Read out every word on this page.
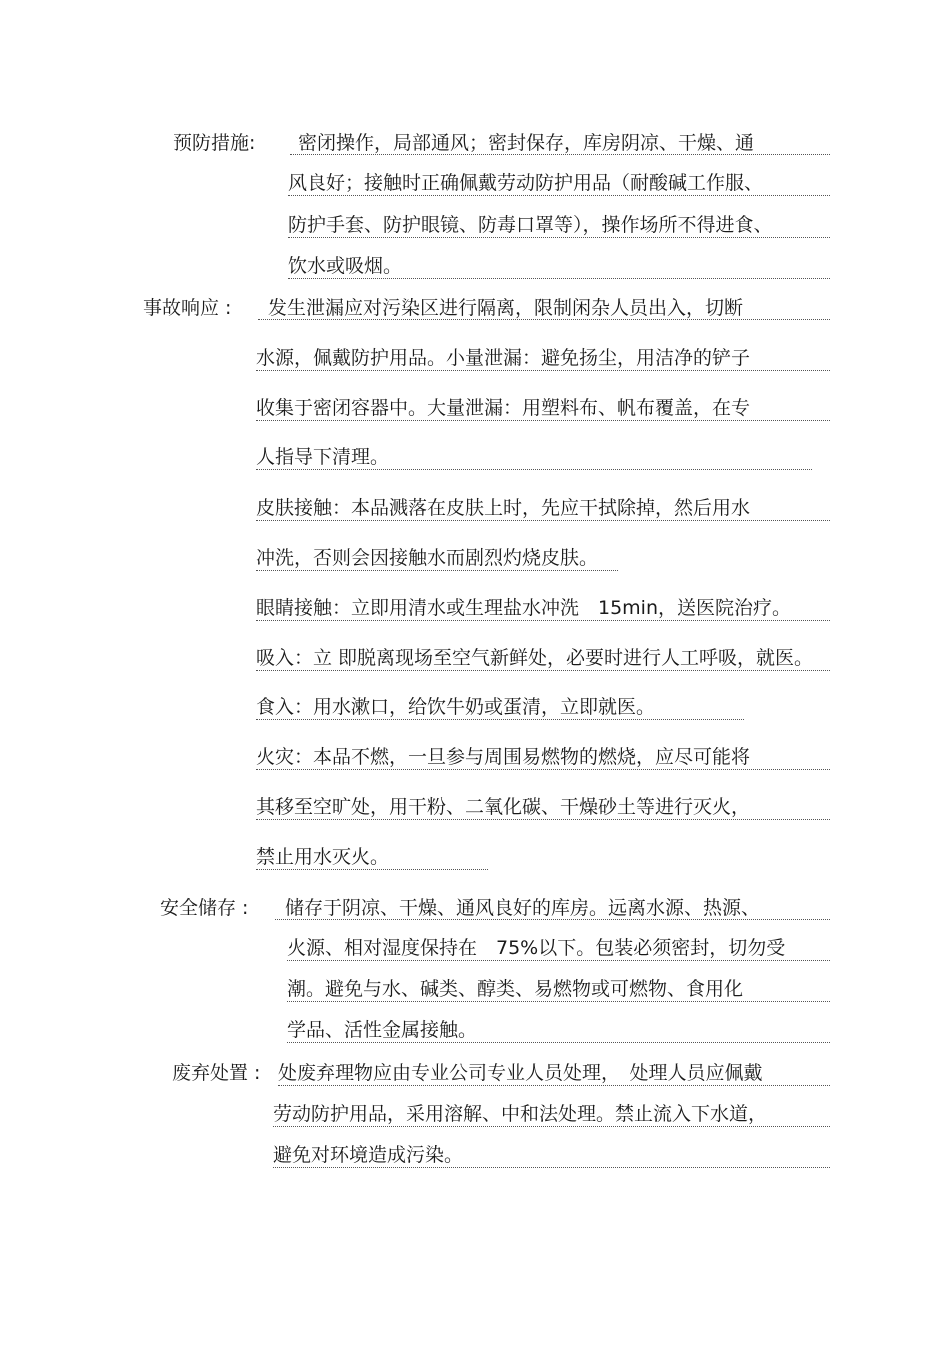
预防措施:	密闭操作，局部通风；密封保存，库房阴凉、干燥、通
风良好；接触时正确佩戴劳动防护用品（耐酸碱工作服、
防护手套、防护眼镜、防毒口罩等），操作场所不得进食、
饮水或吸烟。
事故响应 :	发生泄漏应对污染区进行隔离，限制闲杂人员出入，切断
水源，佩戴防护用品。小量泄漏：避免扬尘，用洁净的铲子
收集于密闭容器中。大量泄漏：用塑料布、帆布覆盖，在专
人指导下清理。
皮肤接触：本品溅落在皮肤上时，先应干拭除掉，然后用水
冲洗，否则会因接触水而剧烈灼烧皮肤。
眼睛接触：立即用清水或生理盐水冲洗　15min，送医院治疗。
吸入：立 即脱离现场至空气新鲜处，必要时进行人工呼吸，就医。
食入：用水漱口，给饮牛奶或蛋清，立即就医。
火灾：本品不燃，一旦参与周围易燃物的燃烧，应尽可能将
其移至空旷处，用干粉、二氧化碳、干燥砂土等进行灭火，
禁止用水灭火。
安全储存 :	储存于阴凉、干燥、通风良好的库房。远离水源、热源、
火源、相对湿度保持在　75%以下。包装必须密封，切勿受
潮。避免与水、碱类、醇类、易燃物或可燃物、食用化
学品、活性金属接触。
废弃处置 : 处废弃理物应由专业公司专业人员处理，　处理人员应佩戴
劳动防护用品，采用溶解、中和法处理。禁止流入下水道，
避免对环境造成污染。
